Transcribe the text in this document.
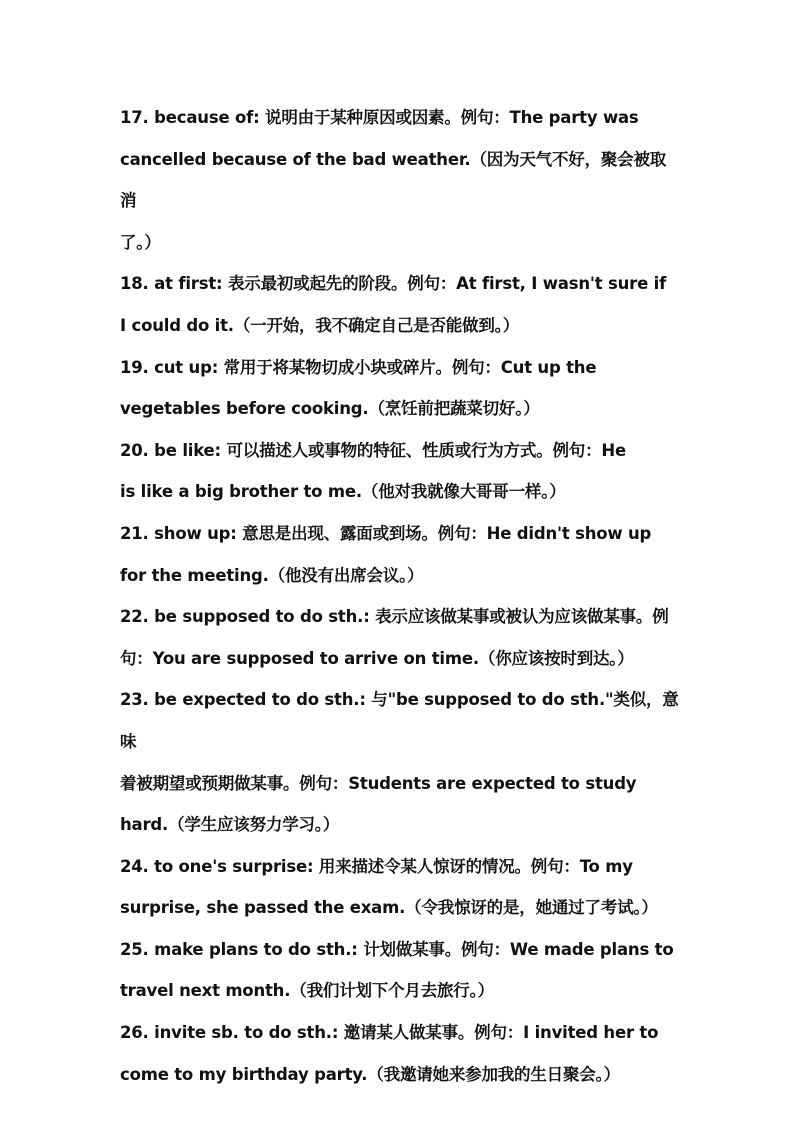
17. because of: 说明由于某种原因或因素。例句：The party was

cancelled because of the bad weather.（因为天气不好，聚会被取消

了。）

18. at first: 表示最初或起先的阶段。例句：At first, I wasn't sure if

I could do it.（一开始，我不确定自己是否能做到。）

19. cut up: 常用于将某物切成小块或碎片。例句：Cut up the

vegetables before cooking.（烹饪前把蔬菜切好。）

20. be like: 可以描述人或事物的特征、性质或行为方式。例句：He

is like a big brother to me.（他对我就像大哥哥一样。）

21. show up: 意思是出现、露面或到场。例句：He didn't show up

for the meeting.（他没有出席会议。）

22. be supposed to do sth.: 表示应该做某事或被认为应该做某事。例

句：You are supposed to arrive on time.（你应该按时到达。）

23. be expected to do sth.: 与"be supposed to do sth."类似，意味

着被期望或预期做某事。例句：Students are expected to study

hard.（学生应该努力学习。）

24. to one's surprise: 用来描述令某人惊讶的情况。例句：To my

surprise, she passed the exam.（令我惊讶的是，她通过了考试。）

25. make plans to do sth.: 计划做某事。例句：We made plans to

travel next month.（我们计划下个月去旅行。）

26. invite sb. to do sth.: 邀请某人做某事。例句：I invited her to

come to my birthday party.（我邀请她来参加我的生日聚会。）
